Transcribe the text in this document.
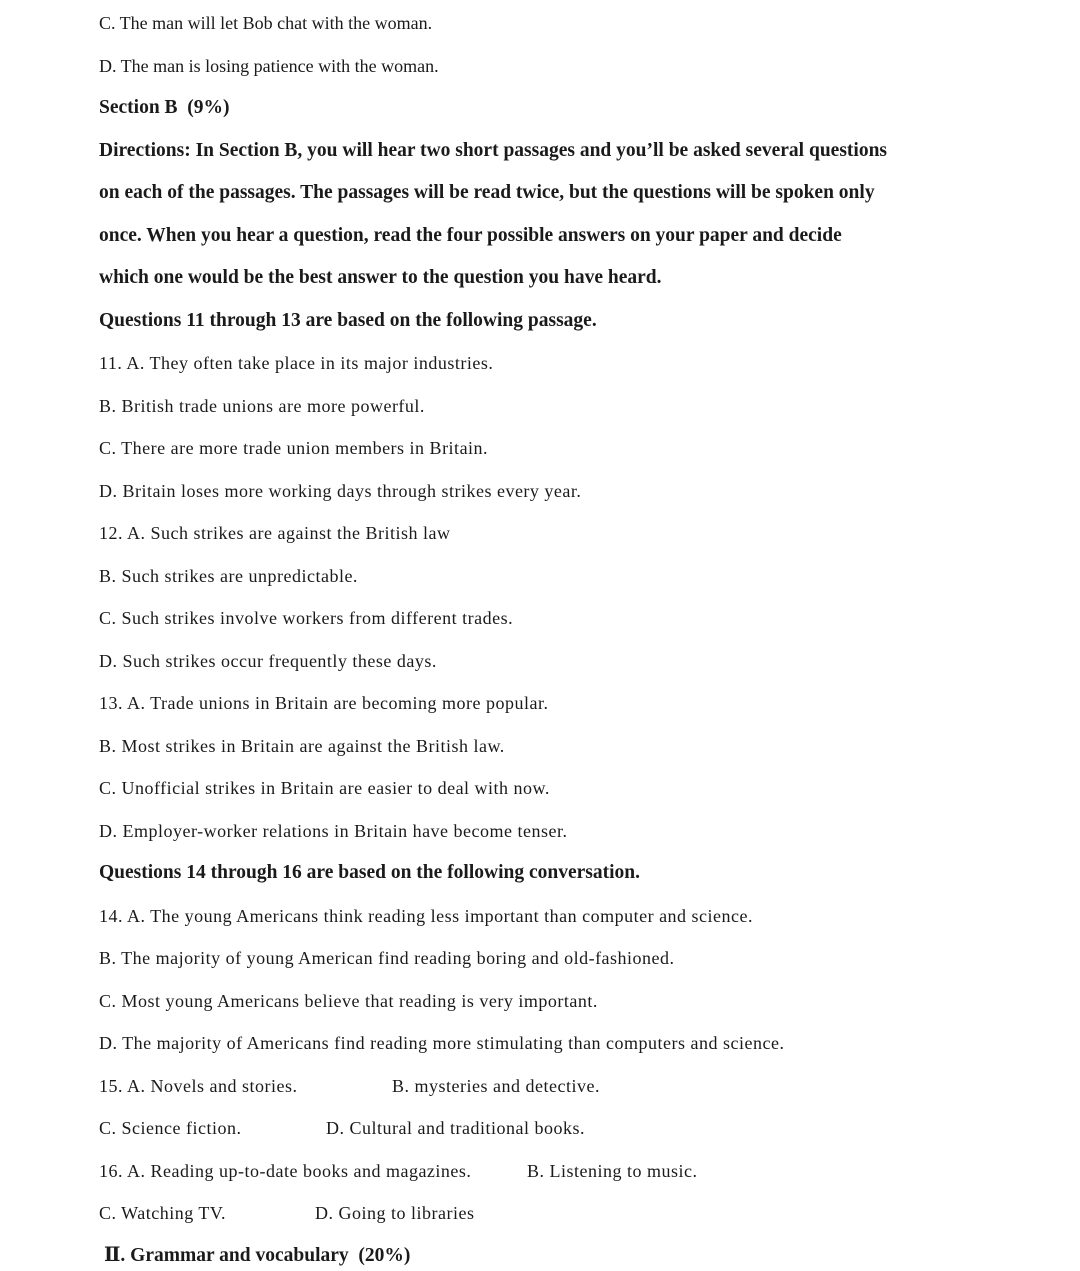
C. The man will let Bob chat with the woman.
D. The man is losing patience with the woman.
Section B  (9%)
Directions: In Section B, you will hear two short passages and you’ll be asked several questions
on each of the passages. The passages will be read twice, but the questions will be spoken only
once. When you hear a question, read the four possible answers on your paper and decide
which one would be the best answer to the question you have heard.
Questions 11 through 13 are based on the following passage.
11. A. They often take place in its major industries.
B. British trade unions are more powerful.
C. There are more trade union members in Britain.
D. Britain loses more working days through strikes every year.
12. A. Such strikes are against the British law
B. Such strikes are unpredictable.
C. Such strikes involve workers from different trades.
D. Such strikes occur frequently these days.
13. A. Trade unions in Britain are becoming more popular.
B. Most strikes in Britain are against the British law.
C. Unofficial strikes in Britain are easier to deal with now.
D. Employer-worker relations in Britain have become tenser.
Questions 14 through 16 are based on the following conversation.
14. A. The young Americans think reading less important than computer and science.
B. The majority of young American find reading boring and old-fashioned.
C. Most young Americans believe that reading is very important.
D. The majority of Americans find reading more stimulating than computers and science.
15. A. Novels and stories.	B. mysteries and detective.
C. Science fiction.	D. Cultural and traditional books.
16. A. Reading up-to-date books and magazines.	B. Listening to music.
C. Watching TV.	D. Going to libraries
Ⅱ. Grammar and vocabulary  (20%)
